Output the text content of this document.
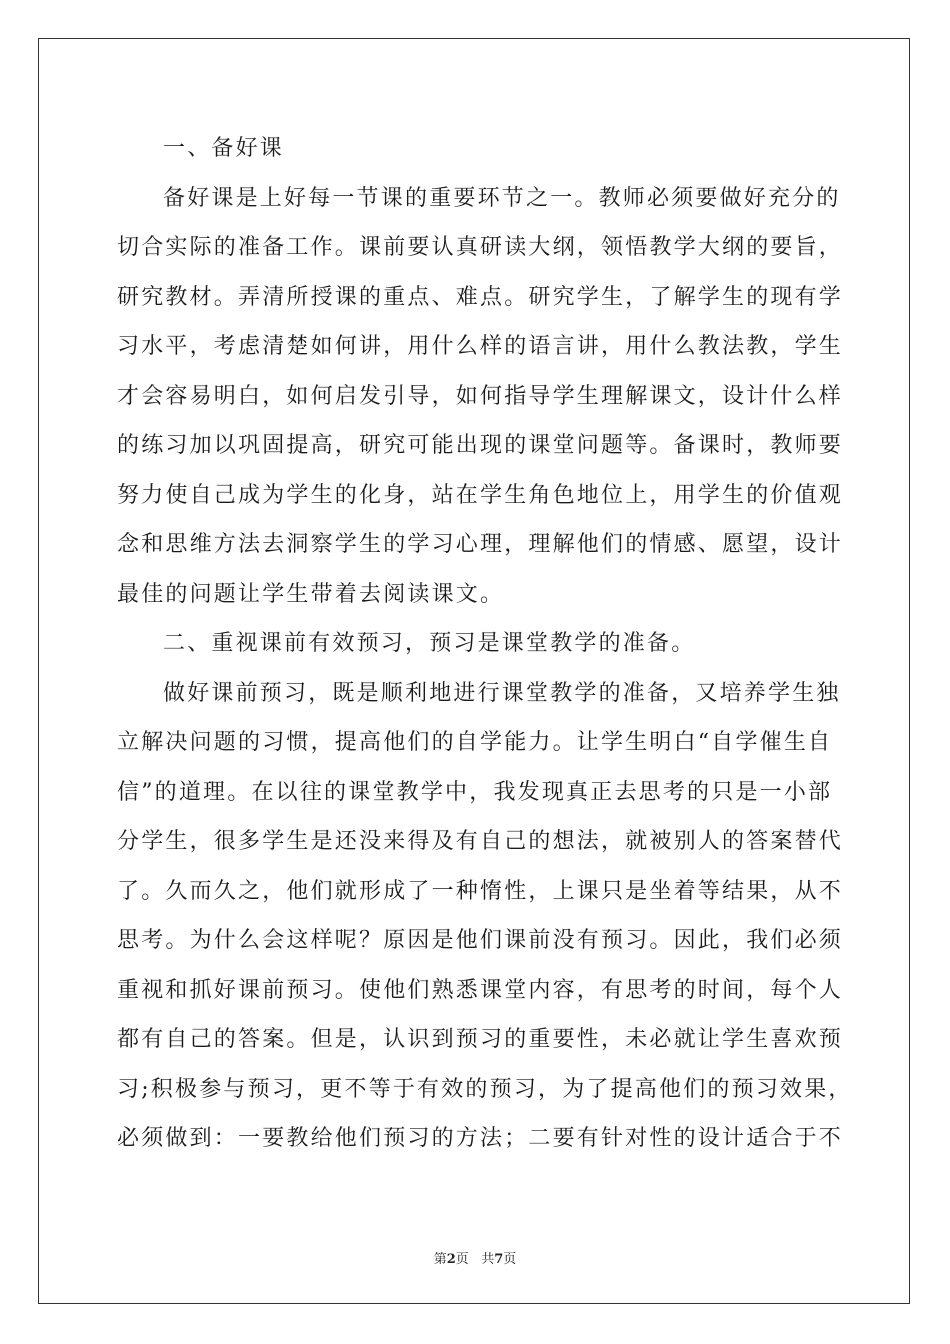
一、备好课
备好课是上好每一节课的重要环节之一。教师必须要做好充分的
切合实际的准备工作。课前要认真研读大纲，领悟教学大纲的要旨，
研究教材。弄清所授课的重点、难点。研究学生，了解学生的现有学
习水平，考虑清楚如何讲，用什么样的语言讲，用什么教法教，学生
才会容易明白，如何启发引导，如何指导学生理解课文，设计什么样
的练习加以巩固提高，研究可能出现的课堂问题等。备课时，教师要
努力使自己成为学生的化身，站在学生角色地位上，用学生的价值观
念和思维方法去洞察学生的学习心理，理解他们的情感、愿望，设计
最佳的问题让学生带着去阅读课文。
二、重视课前有效预习，预习是课堂教学的准备。
做好课前预习，既是顺利地进行课堂教学的准备，又培养学生独
立解决问题的习惯，提高他们的自学能力。让学生明白“自学催生自
信”的道理。在以往的课堂教学中，我发现真正去思考的只是一小部
分学生，很多学生是还没来得及有自己的想法，就被别人的答案替代
了。久而久之，他们就形成了一种惰性，上课只是坐着等结果，从不
思考。为什么会这样呢？原因是他们课前没有预习。因此，我们必须
重视和抓好课前预习。使他们熟悉课堂内容，有思考的时间，每个人
都有自己的答案。但是，认识到预习的重要性，未必就让学生喜欢预
习;积极参与预习，更不等于有效的预习，为了提高他们的预习效果，
必须做到：一要教给他们预习的方法；二要有针对性的设计适合于不
第2页 共7页
